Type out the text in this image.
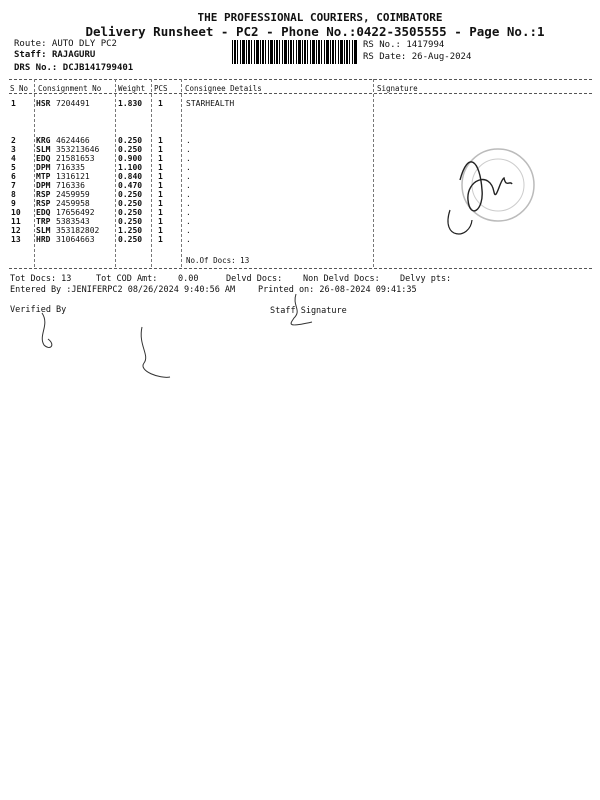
THE PROFESSIONAL COURIERS, COIMBATORE
Delivery Runsheet - PC2 - Phone No.:0422-3505555 - Page No.:1
Route: AUTO DLY PC2
Staff: RAJAGURU
DRS No.: DCJB141799401
RS No.: 1417994
RS Date: 26-Aug-2024
S No Consignment No Weight PCS Consignee Details	Signature
1	HSR 7204491	1.830 1	STARHEALTH
2	KRG 4624466	0.250 1	.
3	SLM 353213646 0.250 1	.
4	EDQ 21581653	0.900 1	.
5	DPM 716335	1.100 1	.
6	MTP 1316121	0.840 1	.
7	DPM 716336	0.470 1	.
8	RSP 2459959	0.250 1	.
9	RSP 2459958	0.250 1	.
10 EDQ 17656492	0.250 1	.
11 TRP 5383543	0.250 1	.
12 SLM 353182802 1.250 1	.
13 HRD 31064663	0.250 1	.
No.Of Docs: 13
Tot Docs: 13	Tot COD Amt: 0.00	Delvd Docs: Non Delvd Docs: Delvy pts:
Entered By :JENIFERPC2 08/26/2024 9:40:56 AM	Printed on: 26-08-2024 09:41:35
Verified By	Staff Signature
